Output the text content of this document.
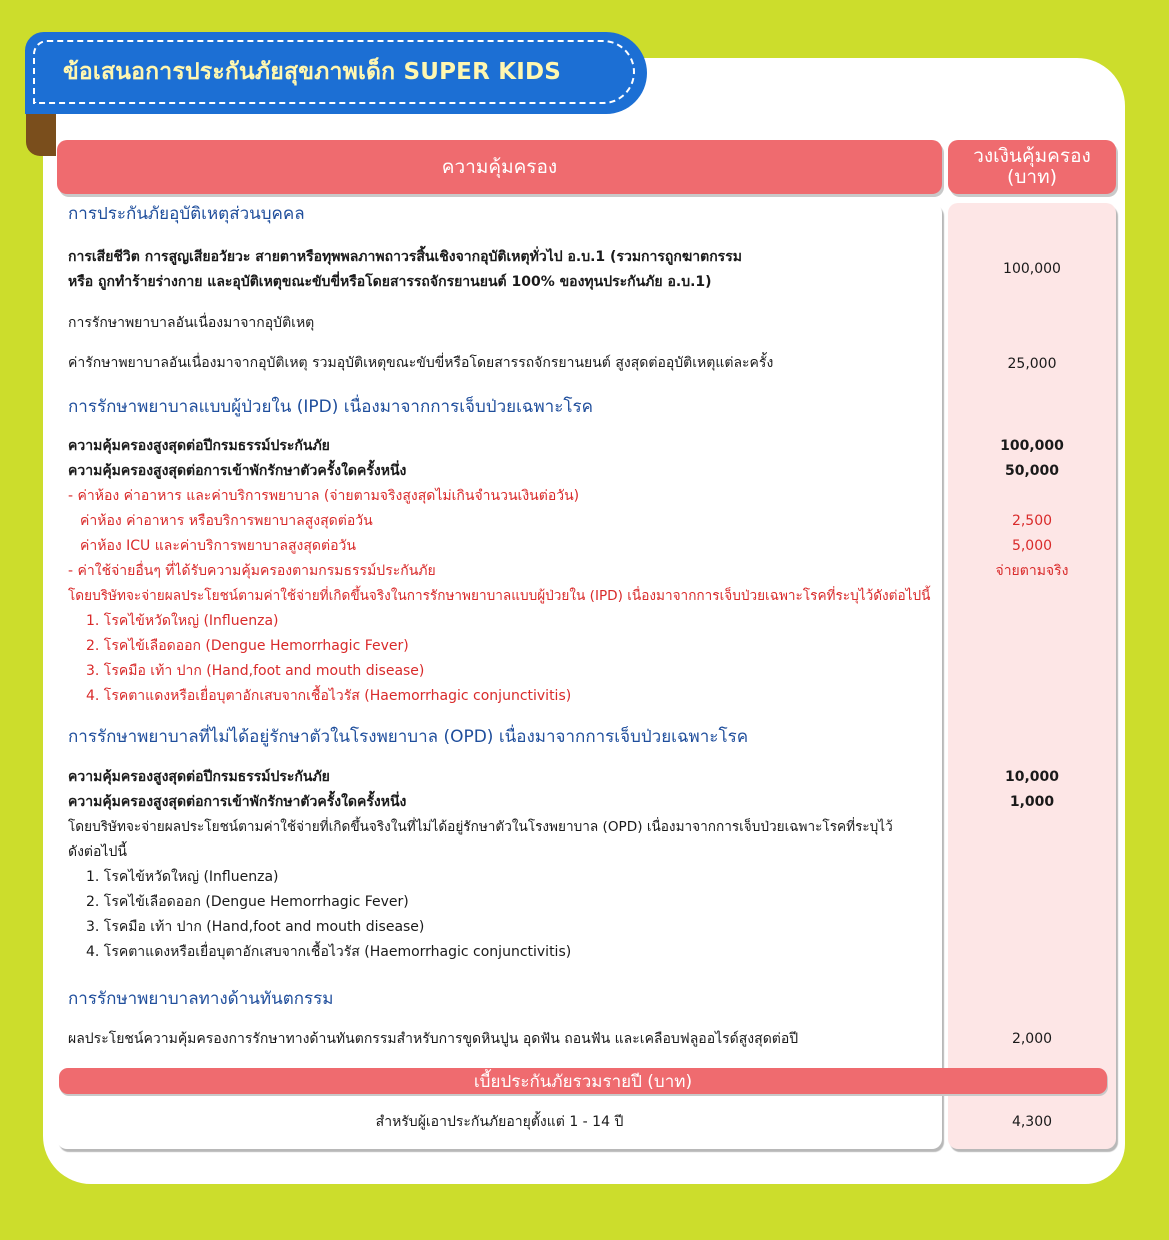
ข้อเสนอการประกันภัยสุขภาพเด็ก SUPER KIDS
ความคุ้มครอง	วงเงินคุ้มครอง
(บาท)
การประกันภัยอุบัติเหตุส่วนบุคคล
การเสียชีวิต การสูญเสียอวัยวะ สายตาหรือทุพพลภาพถาวรสิ้นเชิงจากอุบัติเหตุทั่วไป อ.บ.1 (รวมการถูกฆาตกรรม
หรือ ถูกทำร้ายร่างกาย และอุบัติเหตุขณะขับขี่หรือโดยสารรถจักรยานยนต์ 100% ของทุนประกันภัย อ.บ.1)
100,000
การรักษาพยาบาลอันเนื่องมาจากอุบัติเหตุ
ค่ารักษาพยาบาลอันเนื่องมาจากอุบัติเหตุ รวมอุบัติเหตุขณะขับขี่หรือโดยสารรถจักรยานยนต์ สูงสุดต่ออุบัติเหตุแต่ละครั้ง	25,000
การรักษาพยาบาลแบบผู้ป่วยใน (IPD) เนื่องมาจากการเจ็บป่วยเฉพาะโรค
ความคุ้มครองสูงสุดต่อปีกรมธรรม์ประกันภัย	100,000
ความคุ้มครองสูงสุดต่อการเข้าพักรักษาตัวครั้งใดครั้งหนึ่ง	50,000
- ค่าห้อง ค่าอาหาร และค่าบริการพยาบาล (จ่ายตามจริงสูงสุดไม่เกินจำนวนเงินต่อวัน)
ค่าห้อง ค่าอาหาร หรือบริการพยาบาลสูงสุดต่อวัน	2,500
ค่าห้อง ICU และค่าบริการพยาบาลสูงสุดต่อวัน	5,000
- ค่าใช้จ่ายอื่นๆ ที่ได้รับความคุ้มครองตามกรมธรรม์ประกันภัย	จ่ายตามจริง
โดยบริษัทจะจ่ายผลประโยชน์ตามค่าใช้จ่ายที่เกิดขึ้นจริงในการรักษาพยาบาลแบบผู้ป่วยใน (IPD) เนื่องมาจากการเจ็บป่วยเฉพาะโรคที่ระบุไว้ดังต่อไปนี้
1. โรคไข้หวัดใหญ่ (Influenza)
2. โรคไข้เลือดออก (Dengue Hemorrhagic Fever)
3. โรคมือ เท้า ปาก (Hand,foot and mouth disease)
4. โรคตาแดงหรือเยื่อบุตาอักเสบจากเชื้อไวรัส (Haemorrhagic conjunctivitis)
การรักษาพยาบาลที่ไม่ได้อยู่รักษาตัวในโรงพยาบาล (OPD) เนื่องมาจากการเจ็บป่วยเฉพาะโรค
ความคุ้มครองสูงสุดต่อปีกรมธรรม์ประกันภัย	10,000
ความคุ้มครองสูงสุดต่อการเข้าพักรักษาตัวครั้งใดครั้งหนึ่ง	1,000
โดยบริษัทจะจ่ายผลประโยชน์ตามค่าใช้จ่ายที่เกิดขึ้นจริงในที่ไม่ได้อยู่รักษาตัวในโรงพยาบาล (OPD) เนื่องมาจากการเจ็บป่วยเฉพาะโรคที่ระบุไว้
ดังต่อไปนี้
1. โรคไข้หวัดใหญ่ (Influenza)
2. โรคไข้เลือดออก (Dengue Hemorrhagic Fever)
3. โรคมือ เท้า ปาก (Hand,foot and mouth disease)
4. โรคตาแดงหรือเยื่อบุตาอักเสบจากเชื้อไวรัส (Haemorrhagic conjunctivitis)
การรักษาพยาบาลทางด้านทันตกรรม
ผลประโยชน์ความคุ้มครองการรักษาทางด้านทันตกรรมสำหรับการขูดหินปูน อุดฟัน ถอนฟัน และเคลือบฟลูออไรด์สูงสุดต่อปี	2,000
เบี้ยประกันภัยรวมรายปี (บาท)
สำหรับผู้เอาประกันภัยอายุตั้งแต่ 1 - 14 ปี	4,300
